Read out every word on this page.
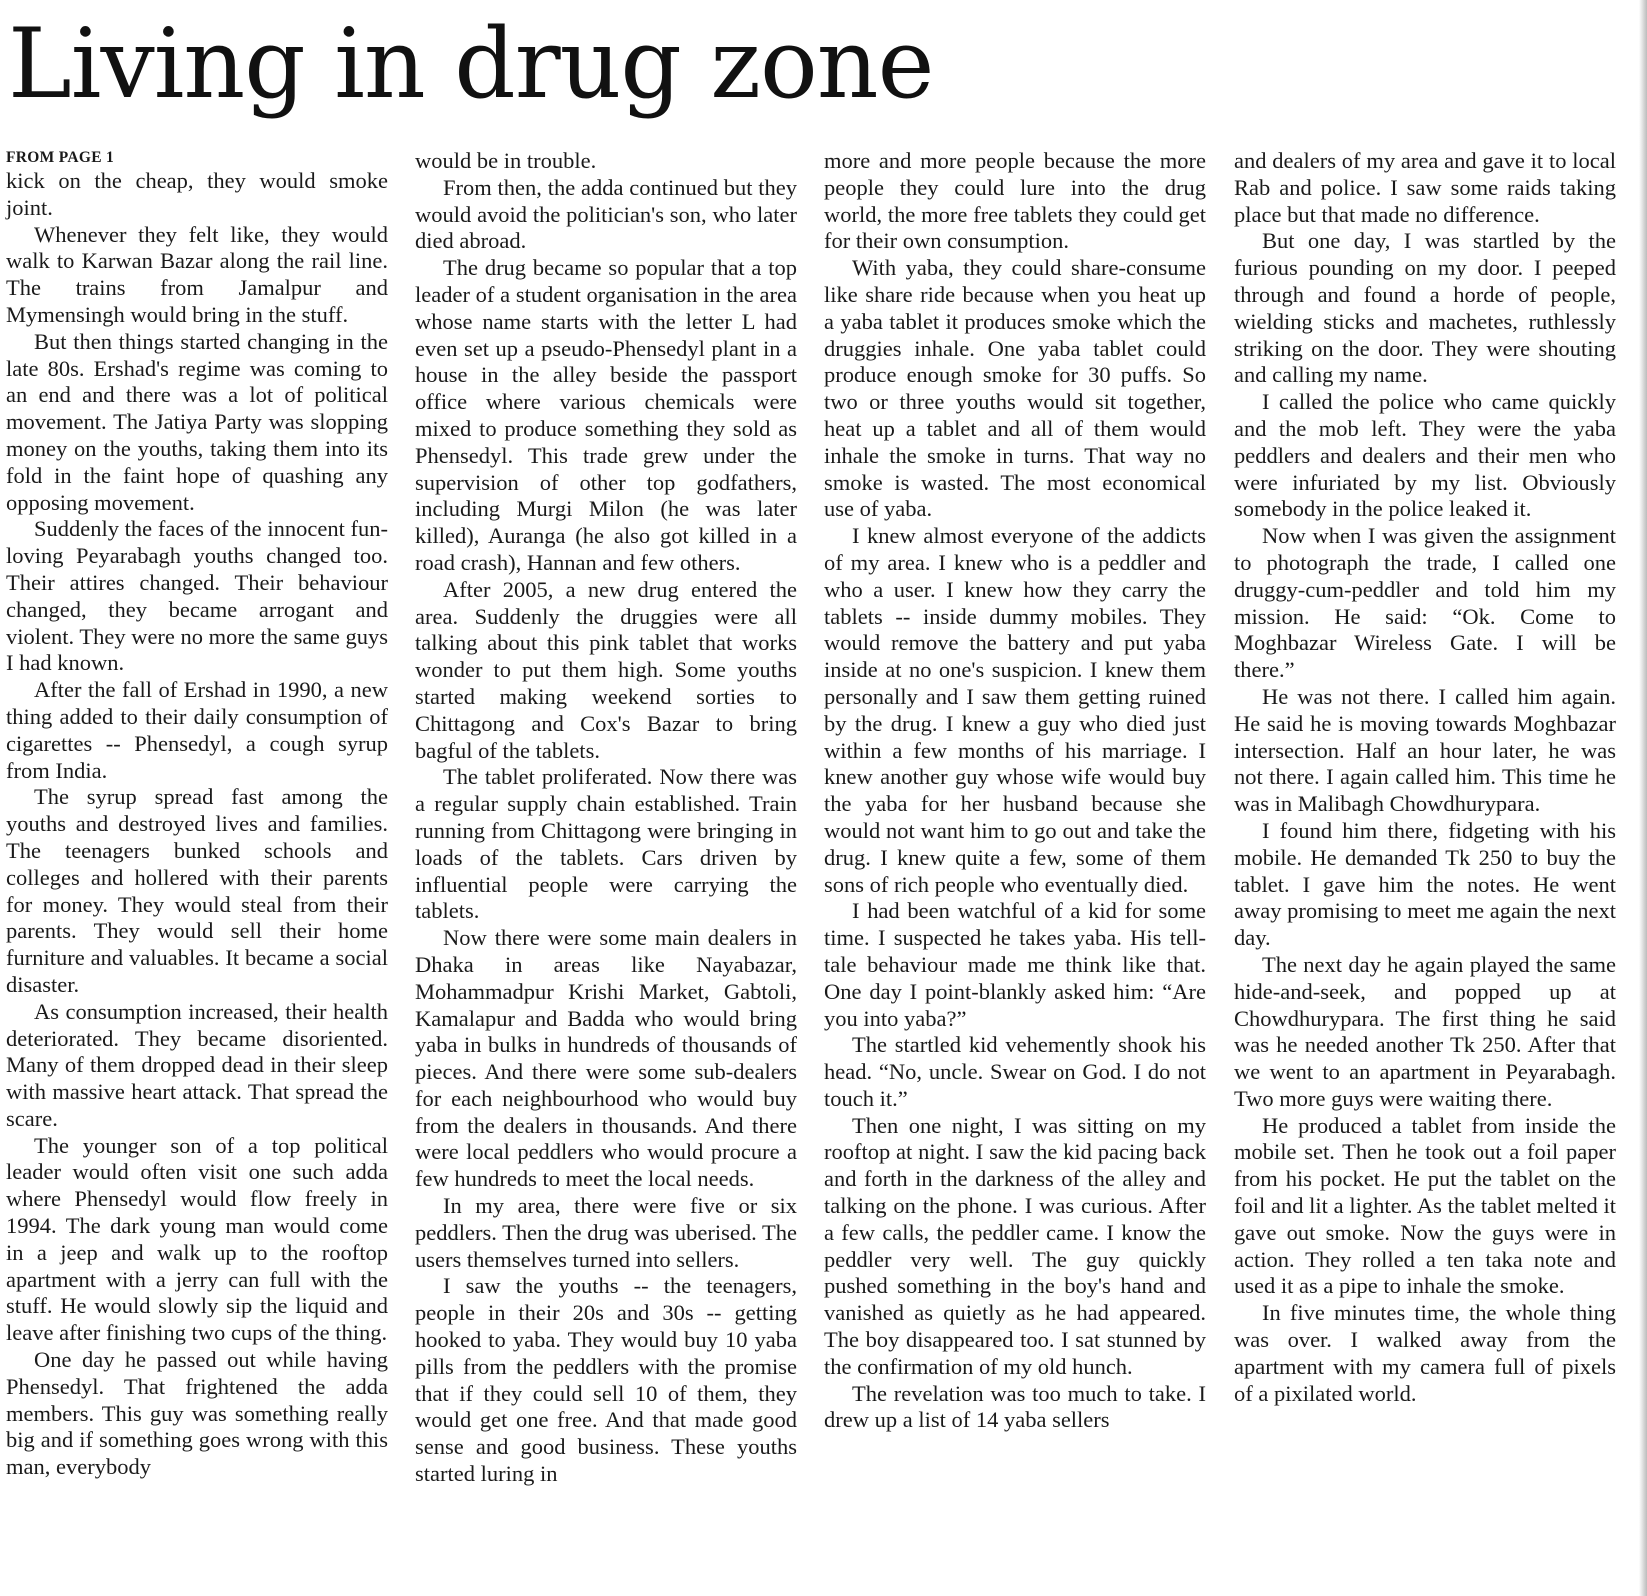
Living in drug zone
FROM PAGE 1

kick on the cheap, they would smoke joint.

Whenever they felt like, they would walk to Karwan Bazar along the rail line. The trains from Jamalpur and Mymensingh would bring in the stuff.

But then things started changing in the late 80s. Ershad's regime was coming to an end and there was a lot of political movement. The Jatiya Party was slopping money on the youths, taking them into its fold in the faint hope of quashing any opposing movement.

Suddenly the faces of the innocent fun-loving Peyarabagh youths changed too. Their attires changed. Their behaviour changed, they became arrogant and violent. They were no more the same guys I had known.

After the fall of Ershad in 1990, a new thing added to their daily consumption of cigarettes -- Phensedyl, a cough syrup from India.

The syrup spread fast among the youths and destroyed lives and families. The teenagers bunked schools and colleges and hollered with their parents for money. They would steal from their parents. They would sell their home furniture and valuables. It became a social disaster.

As consumption increased, their health deteriorated. They became disoriented. Many of them dropped dead in their sleep with massive heart attack. That spread the scare.

The younger son of a top political leader would often visit one such adda where Phensedyl would flow freely in 1994. The dark young man would come in a jeep and walk up to the rooftop apartment with a jerry can full with the stuff. He would slowly sip the liquid and leave after finishing two cups of the thing.

One day he passed out while having Phensedyl. That frightened the adda members. This guy was something really big and if something goes wrong with this man, everybody

would be in trouble.

From then, the adda continued but they would avoid the politician's son, who later died abroad.

The drug became so popular that a top leader of a student organisation in the area whose name starts with the letter L had even set up a pseudo-Phensedyl plant in a house in the alley beside the passport office where various chemicals were mixed to produce something they sold as Phensedyl. This trade grew under the supervision of other top godfathers, including Murgi Milon (he was later killed), Auranga (he also got killed in a road crash), Hannan and few others.

After 2005, a new drug entered the area. Suddenly the druggies were all talking about this pink tablet that works wonder to put them high. Some youths started making weekend sorties to Chittagong and Cox's Bazar to bring bagful of the tablets.

The tablet proliferated. Now there was a regular supply chain established. Train running from Chittagong were bringing in loads of the tablets. Cars driven by influential people were carrying the tablets.

Now there were some main dealers in Dhaka in areas like Nayabazar, Mohammadpur Krishi Market, Gabtoli, Kamalapur and Badda who would bring yaba in bulks in hundreds of thousands of pieces. And there were some sub-dealers for each neighbourhood who would buy from the dealers in thousands. And there were local peddlers who would procure a few hundreds to meet the local needs.

In my area, there were five or six peddlers. Then the drug was uberised. The users themselves turned into sellers.

I saw the youths -- the teenagers, people in their 20s and 30s -- getting hooked to yaba. They would buy 10 yaba pills from the peddlers with the promise that if they could sell 10 of them, they would get one free. And that made good sense and good business. These youths started luring in

more and more people because the more people they could lure into the drug world, the more free tablets they could get for their own consumption.

With yaba, they could share-consume like share ride because when you heat up a yaba tablet it produces smoke which the druggies inhale. One yaba tablet could produce enough smoke for 30 puffs. So two or three youths would sit together, heat up a tablet and all of them would inhale the smoke in turns. That way no smoke is wasted. The most economical use of yaba.

I knew almost everyone of the addicts of my area. I knew who is a peddler and who a user. I knew how they carry the tablets -- inside dummy mobiles. They would remove the battery and put yaba inside at no one's suspicion. I knew them personally and I saw them getting ruined by the drug. I knew a guy who died just within a few months of his marriage. I knew another guy whose wife would buy the yaba for her husband because she would not want him to go out and take the drug. I knew quite a few, some of them sons of rich people who eventually died.

I had been watchful of a kid for some time. I suspected he takes yaba. His tell-tale behaviour made me think like that. One day I point-blankly asked him: “Are you into yaba?”

The startled kid vehemently shook his head. “No, uncle. Swear on God. I do not touch it.”

Then one night, I was sitting on my rooftop at night. I saw the kid pacing back and forth in the darkness of the alley and talking on the phone. I was curious. After a few calls, the peddler came. I know the peddler very well. The guy quickly pushed something in the boy's hand and vanished as quietly as he had appeared. The boy disappeared too. I sat stunned by the confirmation of my old hunch.

The revelation was too much to take. I drew up a list of 14 yaba sellers

and dealers of my area and gave it to local Rab and police. I saw some raids taking place but that made no difference.

But one day, I was startled by the furious pounding on my door. I peeped through and found a horde of people, wielding sticks and machetes, ruthlessly striking on the door. They were shouting and calling my name.

I called the police who came quickly and the mob left. They were the yaba peddlers and dealers and their men who were infuriated by my list. Obviously somebody in the police leaked it.

Now when I was given the assignment to photograph the trade, I called one druggy-cum-peddler and told him my mission. He said: “Ok. Come to Moghbazar Wireless Gate. I will be there.”

He was not there. I called him again. He said he is moving towards Moghbazar intersection. Half an hour later, he was not there. I again called him. This time he was in Malibagh Chowdhurypara.

I found him there, fidgeting with his mobile. He demanded Tk 250 to buy the tablet. I gave him the notes. He went away promising to meet me again the next day.

The next day he again played the same hide-and-seek, and popped up at Chowdhurypara. The first thing he said was he needed another Tk 250. After that we went to an apartment in Peyarabagh. Two more guys were waiting there.

He produced a tablet from inside the mobile set. Then he took out a foil paper from his pocket. He put the tablet on the foil and lit a lighter. As the tablet melted it gave out smoke. Now the guys were in action. They rolled a ten taka note and used it as a pipe to inhale the smoke.

In five minutes time, the whole thing was over. I walked away from the apartment with my camera full of pixels of a pixilated world.
